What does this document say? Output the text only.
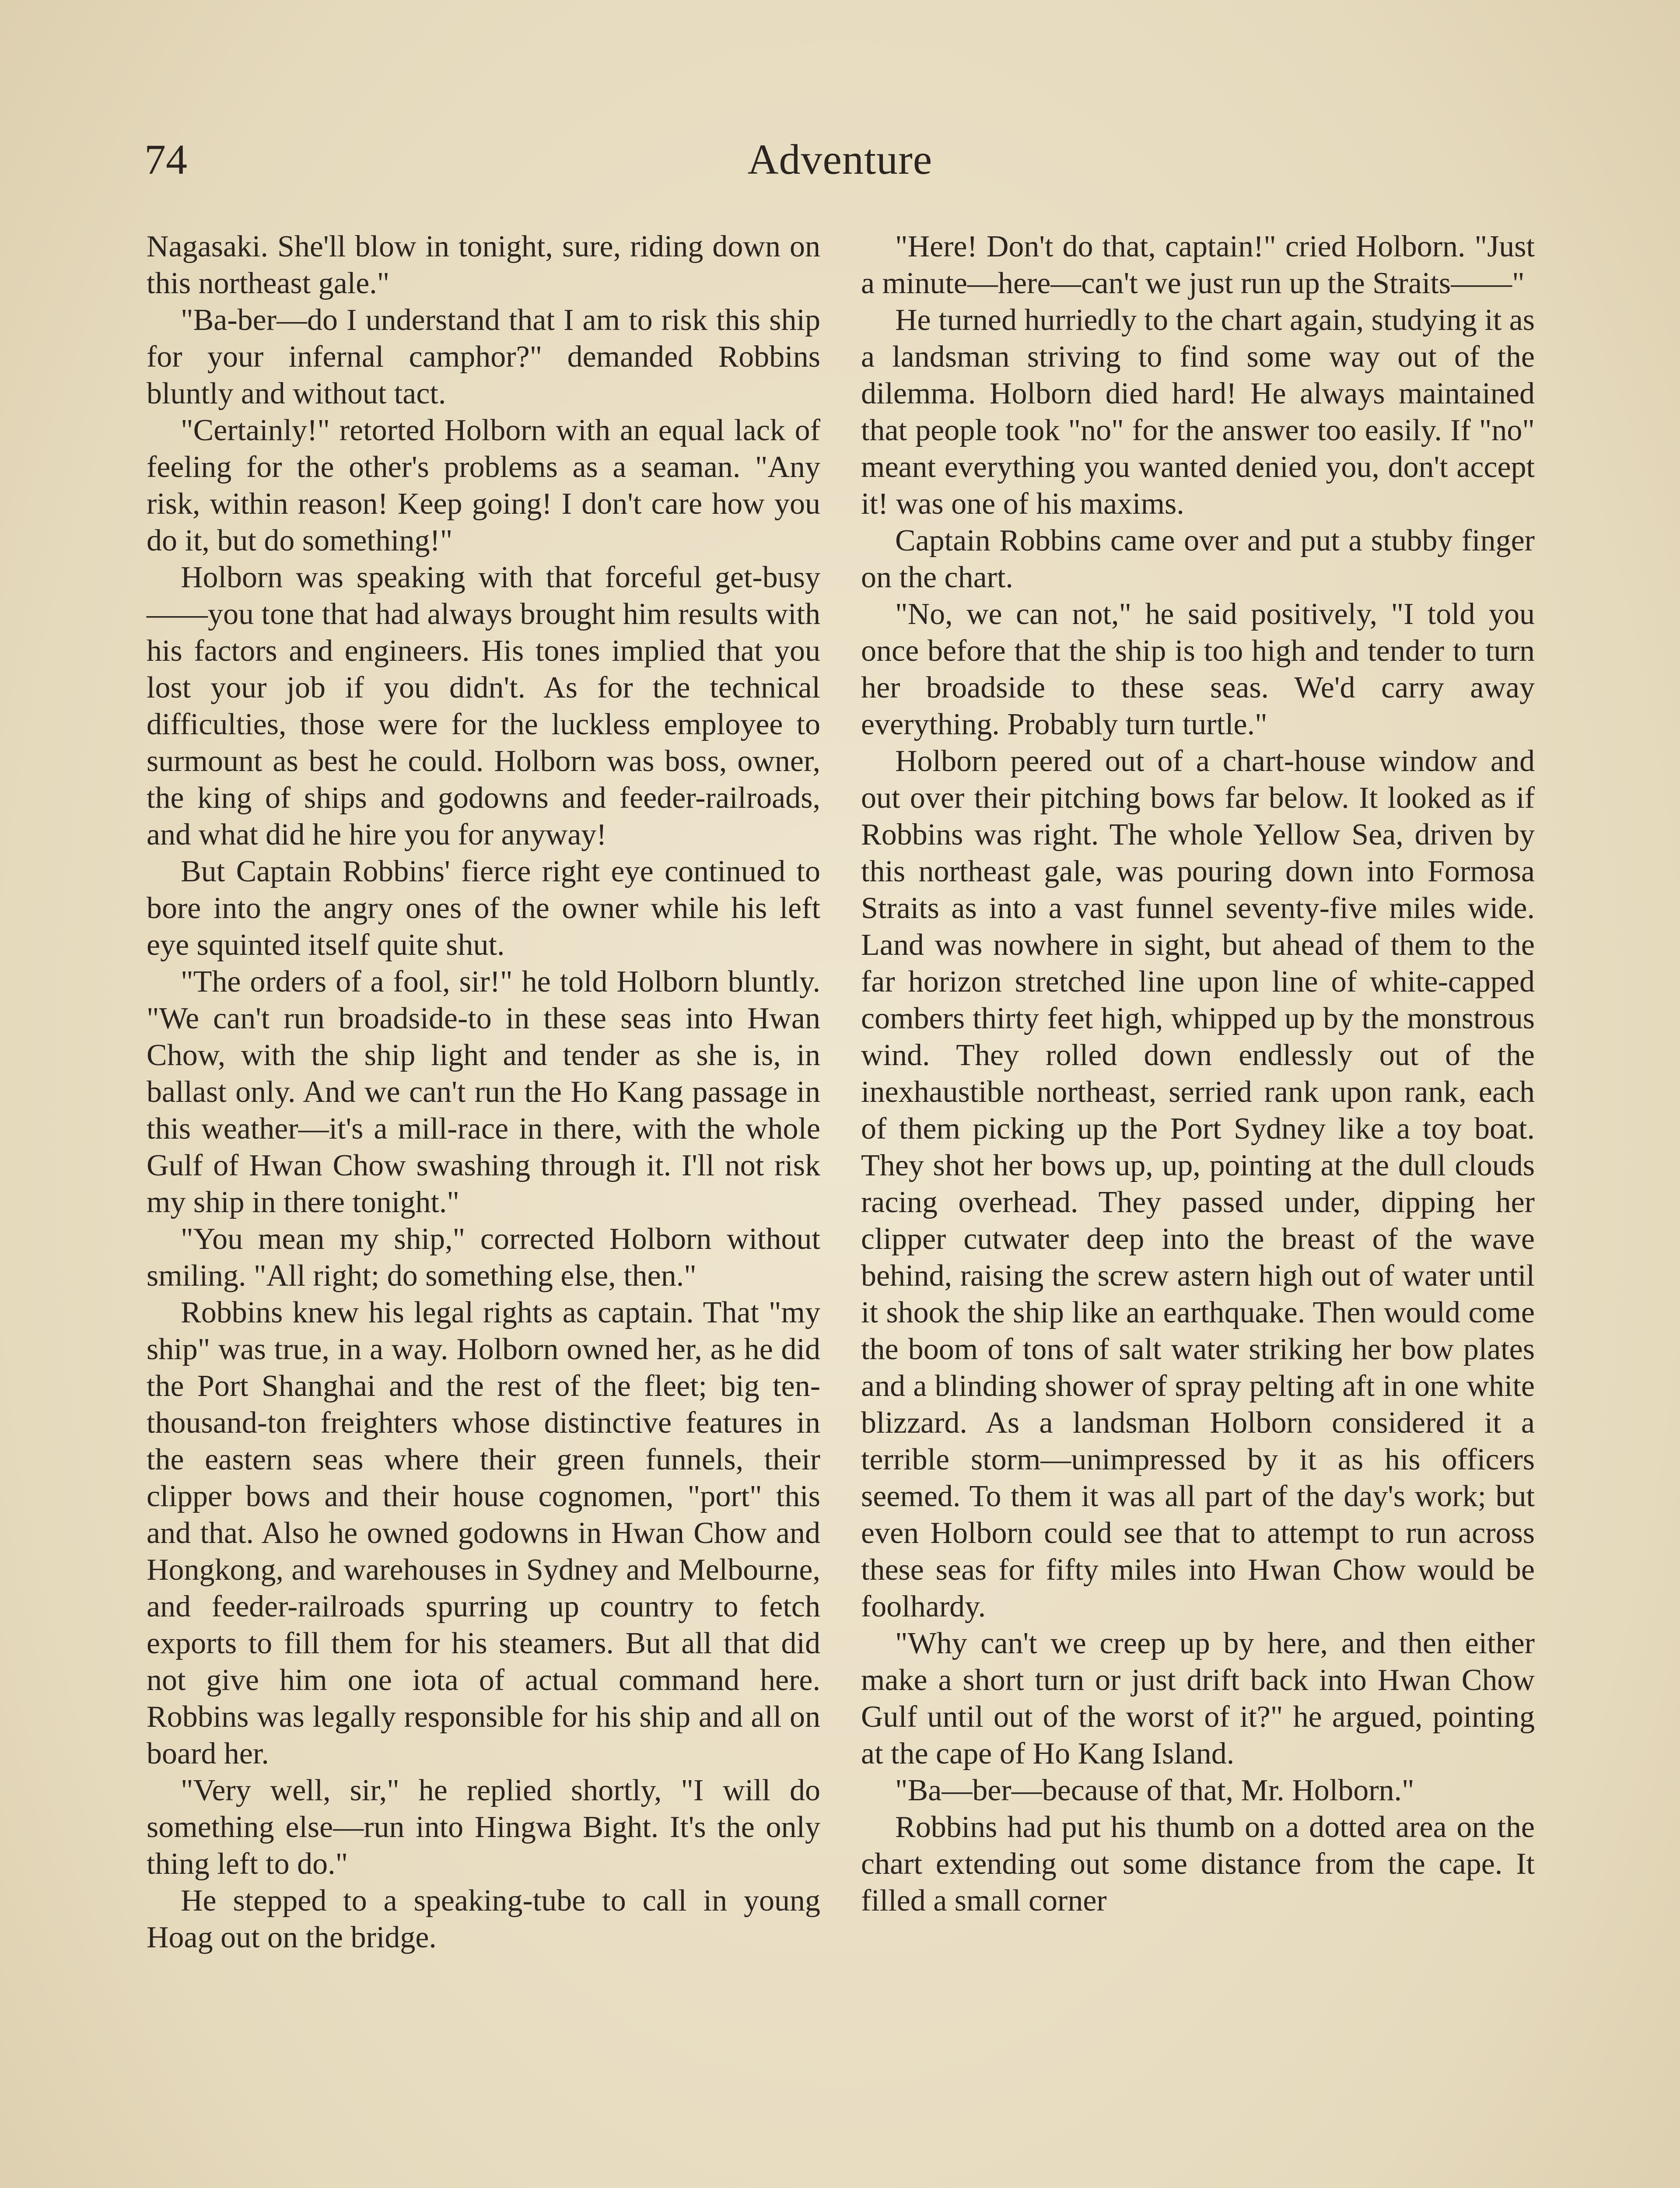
74	Adventure

Nagasaki. She'll blow in tonight, sure, riding down on this northeast gale."

"Ba-ber—do I understand that I am to risk this ship for your infernal camphor?" demanded Robbins bluntly and without tact.

"Certainly!" retorted Holborn with an equal lack of feeling for the other's problems as a seaman. "Any risk, within reason! Keep going! I don't care how you do it, but do something!"

Holborn was speaking with that forceful get-busy——you tone that had always brought him results with his factors and engineers. His tones implied that you lost your job if you didn't. As for the technical difficulties, those were for the luckless employee to surmount as best he could. Holborn was boss, owner, the king of ships and godowns and feeder-railroads, and what did he hire you for anyway!

But Captain Robbins' fierce right eye continued to bore into the angry ones of the owner while his left eye squinted itself quite shut.

"The orders of a fool, sir!" he told Holborn bluntly. "We can't run broadside-to in these seas into Hwan Chow, with the ship light and tender as she is, in ballast only. And we can't run the Ho Kang passage in this weather—it's a mill-race in there, with the whole Gulf of Hwan Chow swashing through it. I'll not risk my ship in there tonight."

"You mean my ship," corrected Holborn without smiling. "All right; do something else, then."

Robbins knew his legal rights as captain. That "my ship" was true, in a way. Holborn owned her, as he did the Port Shanghai and the rest of the fleet; big ten-thousand-ton freighters whose distinctive features in the eastern seas where their green funnels, their clipper bows and their house cognomen, "port" this and that. Also he owned godowns in Hwan Chow and Hongkong, and warehouses in Sydney and Melbourne, and feeder-railroads spurring up country to fetch exports to fill them for his steamers. But all that did not give him one iota of actual command here. Robbins was legally responsible for his ship and all on board her.

"Very well, sir," he replied shortly, "I will do something else—run into Hingwa Bight. It's the only thing left to do."

He stepped to a speaking-tube to call in young Hoag out on the bridge.

"Here! Don't do that, captain!" cried Holborn. "Just a minute—here—can't we just run up the Straits——"

He turned hurriedly to the chart again, studying it as a landsman striving to find some way out of the dilemma. Holborn died hard! He always maintained that people took "no" for the answer too easily. If "no" meant everything you wanted denied you, don't accept it! was one of his maxims.

Captain Robbins came over and put a stubby finger on the chart.

"No, we can not," he said positively, "I told you once before that the ship is too high and tender to turn her broadside to these seas. We'd carry away everything. Probably turn turtle."

Holborn peered out of a chart-house window and out over their pitching bows far below. It looked as if Robbins was right. The whole Yellow Sea, driven by this northeast gale, was pouring down into Formosa Straits as into a vast funnel seventy-five miles wide. Land was nowhere in sight, but ahead of them to the far horizon stretched line upon line of white-capped combers thirty feet high, whipped up by the monstrous wind. They rolled down endlessly out of the inexhaustible northeast, serried rank upon rank, each of them picking up the Port Sydney like a toy boat. They shot her bows up, up, pointing at the dull clouds racing overhead. They passed under, dipping her clipper cutwater deep into the breast of the wave behind, raising the screw astern high out of water until it shook the ship like an earthquake. Then would come the boom of tons of salt water striking her bow plates and a blinding shower of spray pelting aft in one white blizzard. As a landsman Holborn considered it a terrible storm—unimpressed by it as his officers seemed. To them it was all part of the day's work; but even Holborn could see that to attempt to run across these seas for fifty miles into Hwan Chow would be foolhardy.

"Why can't we creep up by here, and then either make a short turn or just drift back into Hwan Chow Gulf until out of the worst of it?" he argued, pointing at the cape of Ho Kang Island.

"Ba—ber—because of that, Mr. Holborn."

Robbins had put his thumb on a dotted area on the chart extending out some distance from the cape. It filled a small corner
